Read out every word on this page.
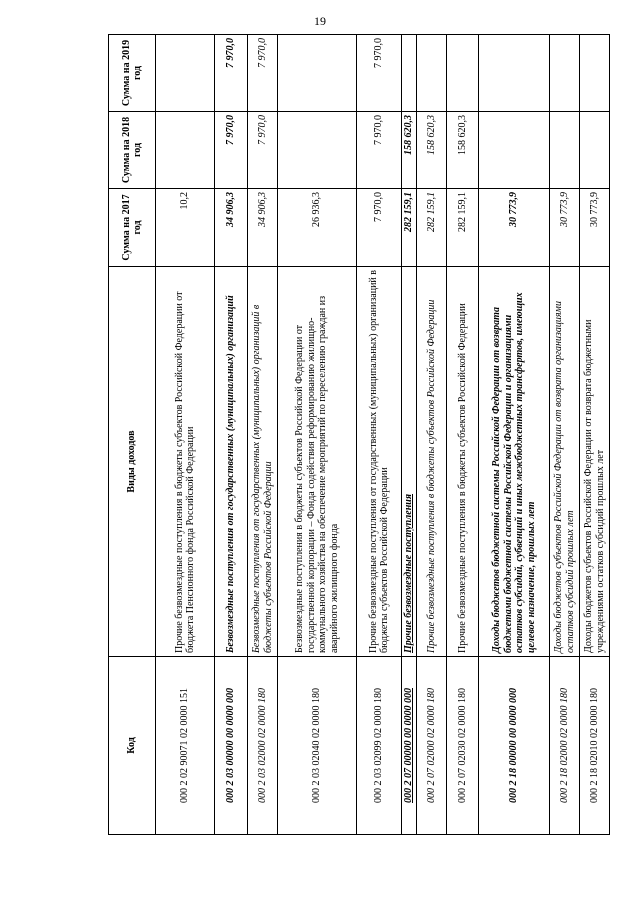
19
Код	Виды доходов	Сумма на 2017 год	Сумма на 2018 год	Сумма на 2019 год
000 2 02 90071 02 0000 151	Прочие безвозмездные поступления в бюджеты субъектов Российской Федерации от бюджета Пенсионного фонда Российской Федерации	10,2		
000 2 03 00000 00 0000 000	Безвозмездные поступления от государственных (муниципальных) организаций	34 906,3	7 970,0	7 970,0
000 2 03 02000 02 0000 180	Безвозмездные поступления от государственных (муниципальных) организаций в бюджеты субъектов Российской Федерации	34 906,3	7 970,0	7 970,0
000 2 03 02040 02 0000 180	Безвозмездные поступления в бюджеты субъектов Российской Федерации от государственной корпорации – Фонда содействия реформированию жилищно-коммунального хозяйства на обеспечение мероприятий по переселению граждан из аварийного жилищного фонда	26 936,3		
000 2 03 02099 02 0000 180	Прочие безвозмездные поступления от государственных (муниципальных) организаций в бюджеты субъектов Российской Федерации	7 970,0	7 970,0	7 970,0
000 2 07 00000 00 0000 000	Прочие безвозмездные поступления	282 159,1	158 620,3	
000 2 07 02000 02 0000 180	Прочие безвозмездные поступления в бюджеты субъектов Российской Федерации	282 159,1	158 620,3	
000 2 07 02030 02 0000 180	Прочие безвозмездные поступления в бюджеты субъектов Российской Федерации	282 159,1	158 620,3	
000 2 18 00000 00 0000 000	Доходы бюджетов бюджетной системы Российской Федерации от возврата бюджетами бюджетной системы Российской Федерации и организациями остатков субсидий, субвенций и иных межбюджетных трансфертов, имеющих целевое назначение, прошлых лет	30 773,9		
000 2 18 02000 02 0000 180	Доходы бюджетов субъектов Российской Федерации от возврата организациями остатков субсидий прошлых лет	30 773,9		
000 2 18 02010 02 0000 180	Доходы бюджетов субъектов Российской Федерации от возврата бюджетными учреждениями остатков субсидий прошлых лет	30 773,9		
